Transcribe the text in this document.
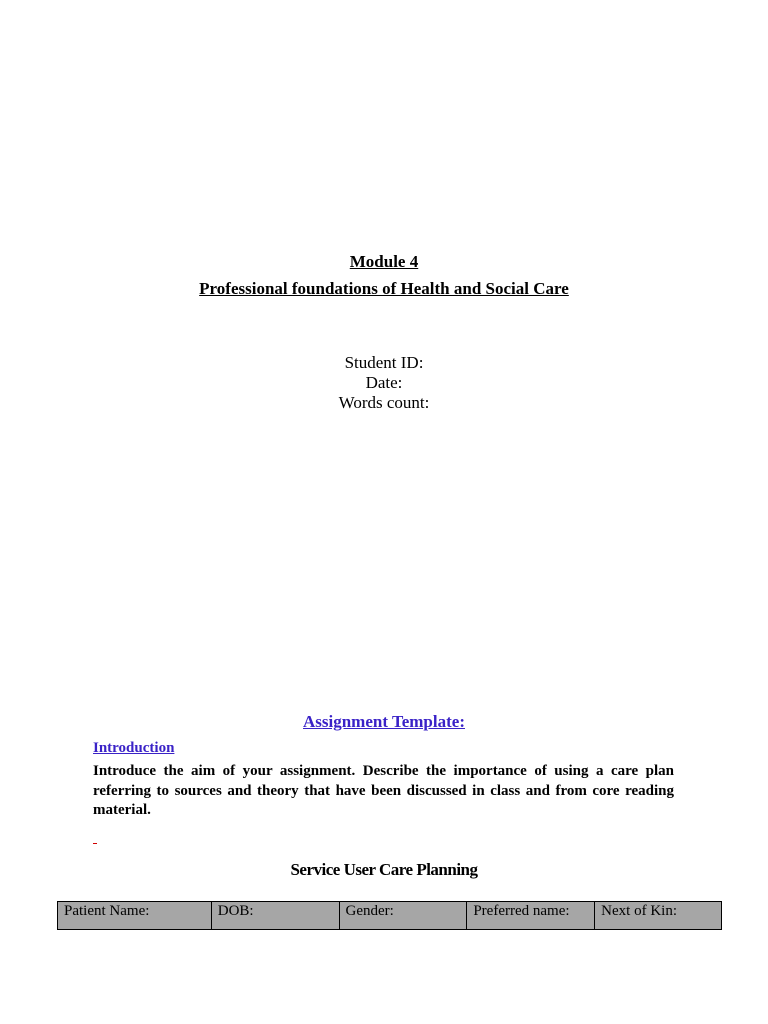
Module 4
Professional foundations of Health and Social Care
Student ID:
Date:
Words count:
Assignment Template:
Introduction
Introduce the aim of your assignment. Describe the importance of using a care plan referring to sources and theory that have been discussed in class and from core reading material.
Service User Care Planning
Patient Name:	DOB:	Gender:	Preferred name:	Next of Kin:
